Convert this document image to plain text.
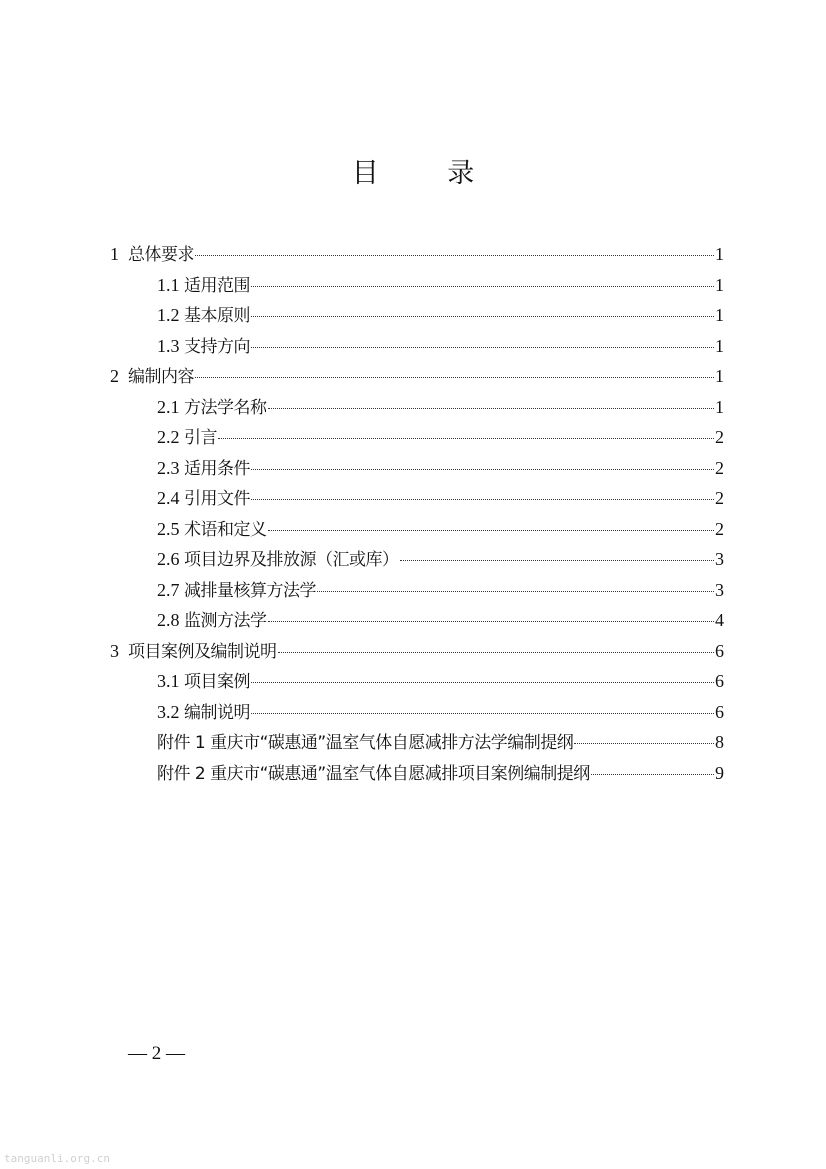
目 录
1 总体要求	1
1.1 适用范围	1
1.2 基本原则	1
1.3 支持方向	1
2 编制内容	1
2.1 方法学名称	1
2.2 引言	2
2.3 适用条件	2
2.4 引用文件	2
2.5 术语和定义	2
2.6 项目边界及排放源（汇或库）	3
2.7 减排量核算方法学	3
2.8 监测方法学	4
3 项目案例及编制说明	6
3.1 项目案例	6
3.2 编制说明	6
附件 1 重庆市“碳惠通”温室气体自愿减排方法学编制提纲	8
附件 2 重庆市“碳惠通”温室气体自愿减排项目案例编制提纲	9
— 2 —
tanguanli.org.cn
